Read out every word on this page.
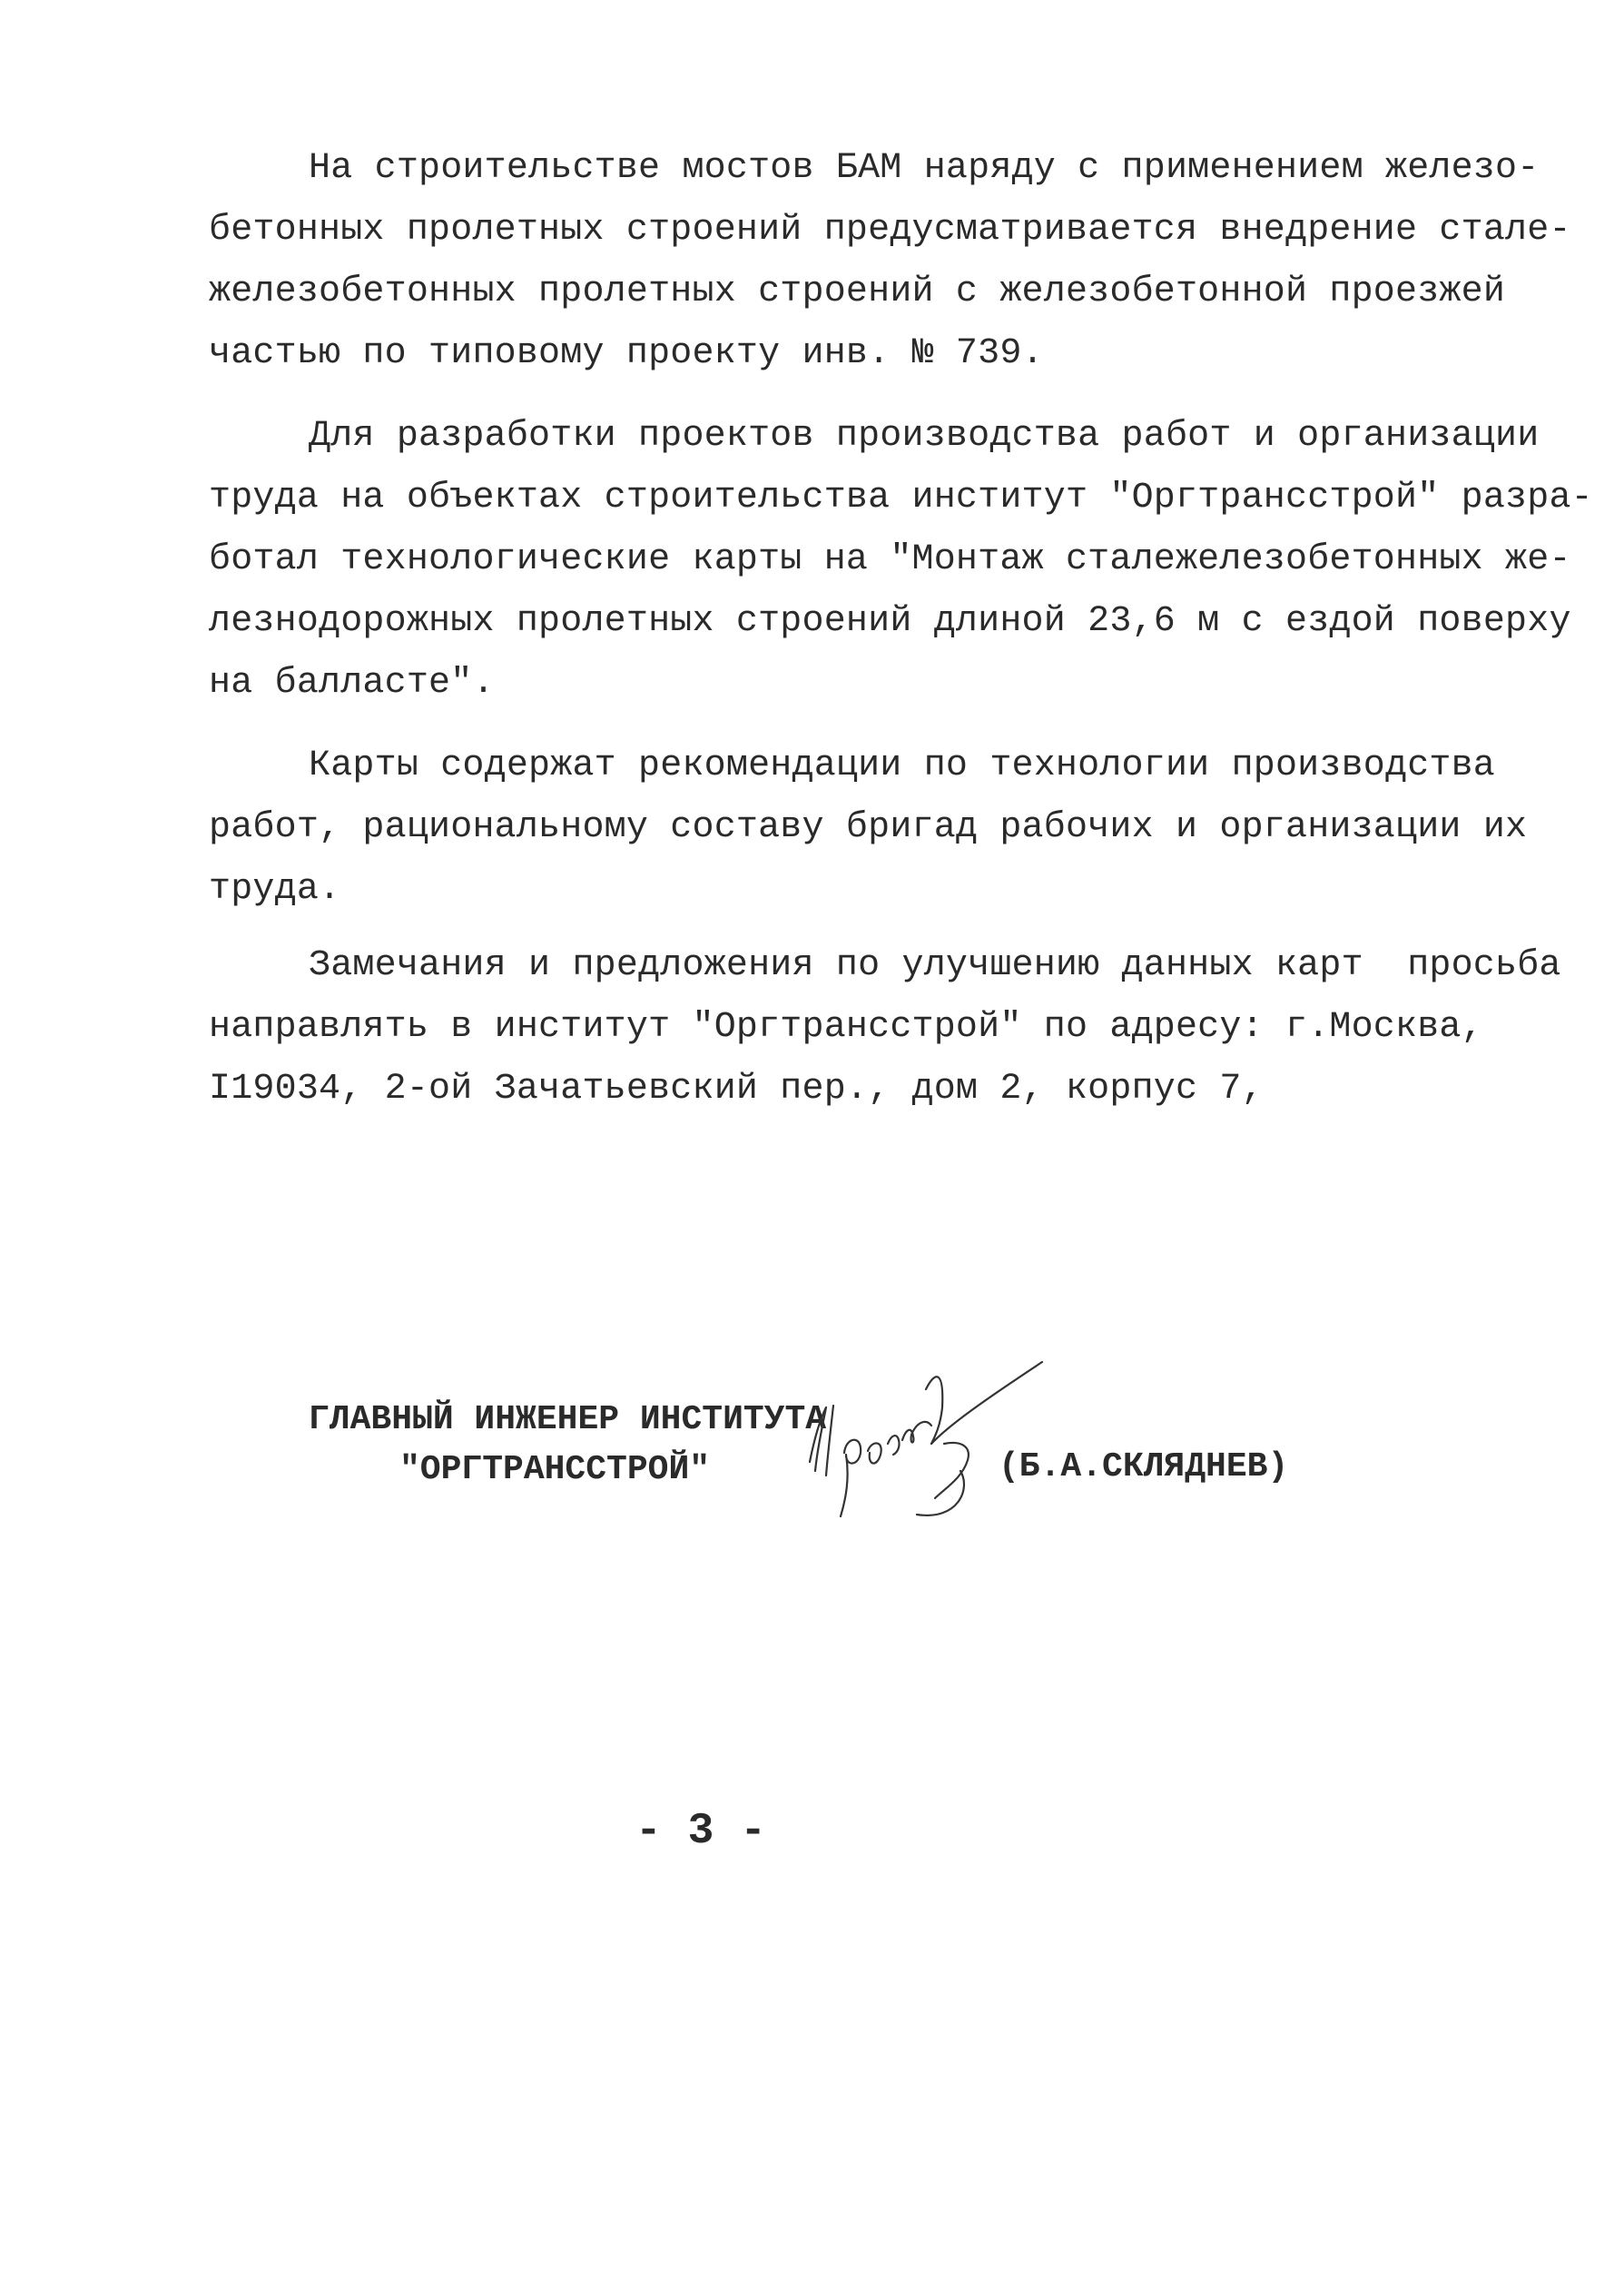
На строительстве мостов БАМ наряду с применением железо-
бетонных пролетных строений предусматривается внедрение стале-
железобетонных пролетных строений с железобетонной проезжей
частью по типовому проекту инв. № 739.
Для разработки проектов производства работ и организации
труда на объектах строительства институт "Оргтрансстрой" разра-
ботал технологические карты на "Монтаж сталежелезобетонных же-
лезнодорожных пролетных строений длиной 23,6 м с ездой поверху
на балласте".
Карты содержат рекомендации по технологии производства
работ, рациональному составу бригад рабочих и организации их
труда.
Замечания и предложения по улучшению данных карт  просьба
направлять в институт "Оргтрансстрой" по адресу: г.Москва,
I19034, 2-ой Зачатьевский пер., дом 2, корпус 7,
ГЛАВНЫЙ ИНЖЕНЕР ИНСТИТУТА
"ОРГТРАНССТРОЙ"	(Б.А.СКЛЯДНЕВ)
- 3 -
